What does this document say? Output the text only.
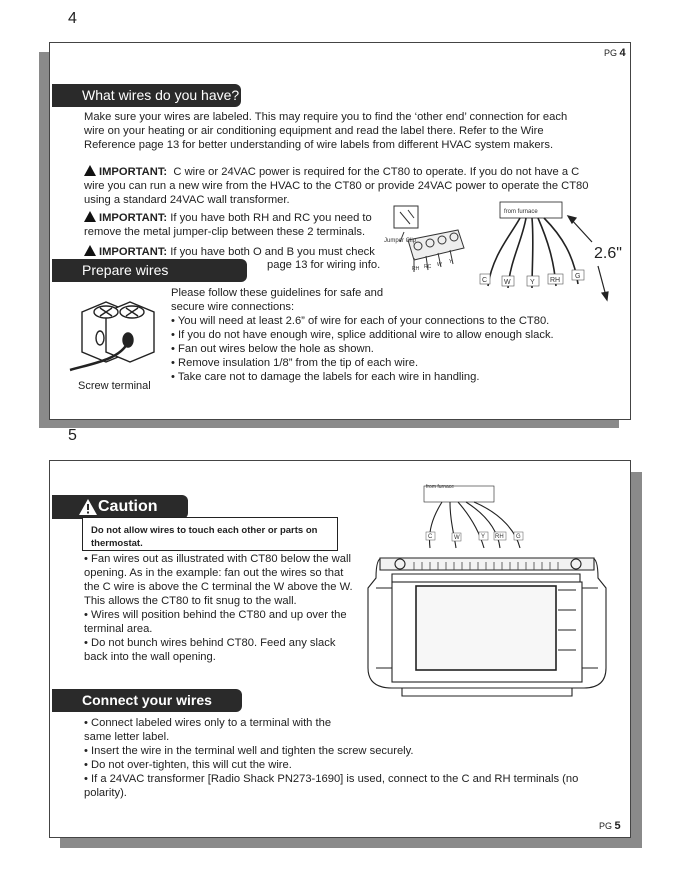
4
PG 4
What wires do you have?
Make sure your wires are labeled. This may require you to find the ‘other end’ connection for each wire on your heating or air conditioning equipment and read the label there. Refer to the Wire Reference page 13 for better understanding of wire labels from different HVAC system makers.
IMPORTANT: C wire or 24VAC power is required for the CT80 to operate. If you do not have a C wire you can run a new wire from the HVAC to the CT80 or provide 24VAC power to operate the CT80 using a standard 24VAC wall transformer.
IMPORTANT: If you have both RH and RC you need to remove the metal jumper-clip between these 2 terminals.
IMPORTANT: If you have both O and B you must check
page 13 for wiring info.
Jumper Clip
RH RC W Y
from furnace
C W	Y RH
G
2.6"
Prepare wires
Please follow these guidelines for safe and secure wire connections:

• You will need at least 2.6” of wire for each of your connections to the CT80.

• If you do not have enough wire, splice additional wire to allow enough slack.

• Fan out wires below the hole as shown.

• Remove insulation 1/8” from the tip of each wire.

• Take care not to damage the labels for each wire in handling.

Screw terminal
5
PG 5
Caution
Do not allow wires to touch each other or parts on thermostat.

• Fan wires out as illustrated with CT80 below the wall opening. As in the example: fan out the wires so that the C wire is above the C terminal the W above the W. This allows the CT80 to fit snug to the wall.

• Wires will position behind the CT80 and up over the terminal area.

• Do not bunch wires behind CT80. Feed any slack back into the wall opening.

from furnace
C	W	Y RH G
Connect your wires

• Connect labeled wires only to a terminal with the same letter label.

• Insert the wire in the terminal well and tighten the screw securely.

• Do not over-tighten, this will cut the wire.

• If a 24VAC transformer [Radio Shack PN273-1690] is used, connect to the C and RH terminals (no polarity).
